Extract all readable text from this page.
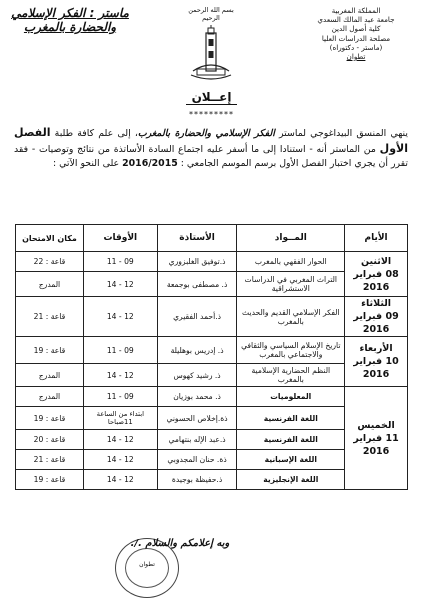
المملكة المغربية
جامعة عبد المالك السعدي
كلية أصول الدين
مصلحة الدراسات العليا
(ماستر - دكتوراه)
تطوان
بسم الله الرحمن الرحيم
ماستر : الفكر الإسلامي
والحضارة بالمغرب
إعــلان
*********
ينهي المنسق البيداغوجي لماستر الفكر الإسلامي والحضارة بالمغرب، إلى علم كافة طلبة الفصل الأول من الماستر أنه - استنادا إلى ما أسفر عليه اجتماع السادة الأساتذة من نتائج وتوصيات - فقد تقرر أن يجري اختبار الفصل الأول برسم الموسم الجامعي : 2016/2015 على النحو الآتي :
الأيام	المــواد	الأستاذة	الأوقات	مكان الامتحان

الاثنين
08 فبراير 2016	الحوار الفقهي بالمغرب	ذ.توفيق الغلبزوري	09 - 11	قاعة : 22
	التراث المغربي في الدراسات الاستشراقية	ذ. مصطفى بوجمعة	12 - 14	المدرج

الثلاثاء
09 فبراير 2016	الفكر الإسلامي القديم والحديث بالمغرب	ذ.أحمد الفقيري	12 - 14	قاعة : 21

الأربعاء
10 فبراير 2016	تاريخ الإسلام السياسي والثقافي والاجتماعي بالمغرب	ذ. إدريس بوهليلة	09 - 11	قاعة : 19
	النظم الحضارية الإسلامية بالمغرب	ذ. رشيد كهوس	12 - 14	المدرج

الخميس
11 فبراير 2016	المعلوميات	ذ. محمد بوزيان	09 - 11	المدرج
	اللغة الفرنسية	ذة.إخلاص الحسوني	ابتداء من الساعة 11صباحا	قاعة : 19
	اللغة الفرنسية	ذ.عبد الإله بنتهامي	12 - 14	قاعة : 20
	اللغة الإسبانية	ذة. حنان المجدوبي	12 - 14	قاعة : 21
	اللغة الإنجليزية	ذ.حفيظة بوجيدة	12 - 14	قاعة : 19
تطوان
وبه إعلامكم والسلام ./.
